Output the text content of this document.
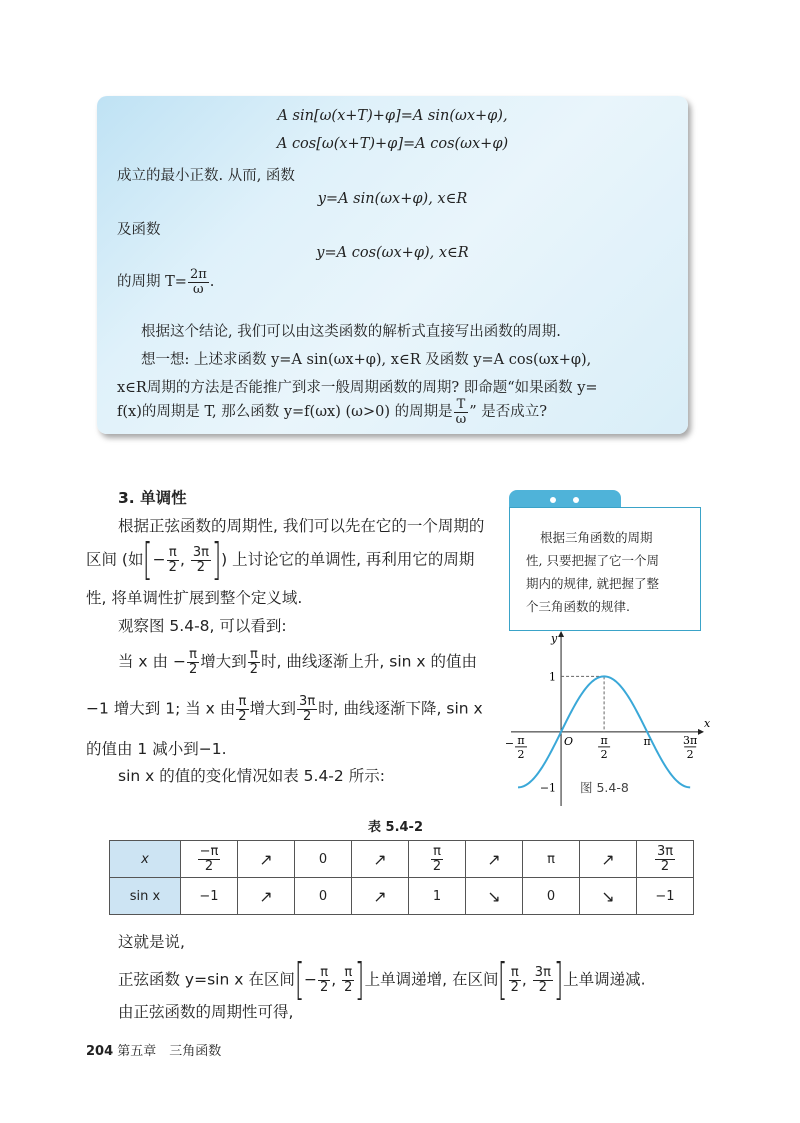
A sin[ω(x+T)+φ]=A sin(ωx+φ),
A cos[ω(x+T)+φ]=A cos(ωx+φ)
成立的最小正数. 从而, 函数
y=A sin(ωx+φ), x∈R
及函数
y=A cos(ωx+φ), x∈R
的周期 $T= \frac{2\pi}{\omega}$ .
根据这个结论, 我们可以由这类函数的解析式直接写出函数的周期.
想一想: 上述求函数 y=A sin(ωx+φ), x∈R 及函数 y=A cos(ωx+φ),
x∈R周期的方法是否能推广到求一般周期函数的周期? 即命题“如果函数 y=
f(x)的周期是 T, 那么函数 y=f(ωx) (ω>0) 的周期是 $\frac{T}{\omega}$ ” 是否成立?
3. 单调性
根据正弦函数的周期性, 我们可以先在它的一个周期的
区间 (如[− $\frac{\pi}{2}$ , $\frac{3\pi}{2}$ ]) 上讨论它的单调性, 再利用它的周期
性, 将单调性扩展到整个定义域.
观察图 5.4-8, 可以看到:
当 x 由 − $\frac{\pi}{2}$ 增大到 $\frac{\pi}{2}$ 时, 曲线逐渐上升, sin x 的值由
−1 增大到 1; 当 x 由 $\frac{\pi}{2}$ 增大到 $\frac{3\pi}{2}$ 时, 曲线逐渐下降, sin x
的值由 1 减小到−1.
sin x 的值的变化情况如表 5.4-2 所示:
根据三角函数的周期
性, 只要把握了它一个周
期内的规律, 就把握了整
个三角函数的规律.
x
y
1
−1
O	π
− π
2
π
2
3π
2
图 5.4-8
表 5.4-2
x	$\frac{-\pi}{2}$	↗	0	↗	$\frac{\pi}{2}$	↗	π	↗	$\frac{3\pi}{2}$

sin x	−1	↗	0	↗	1	↘	0	↘	−1
这就是说,
正弦函数 y=sin x 在区间[− $\frac{\pi}{2}$ , $\frac{\pi}{2}$ ]上单调递增, 在区间[ $\frac{\pi}{2}$ , $\frac{3\pi}{2}$ ]上单调递减.
由正弦函数的周期性可得,
204 第五章　三角函数
